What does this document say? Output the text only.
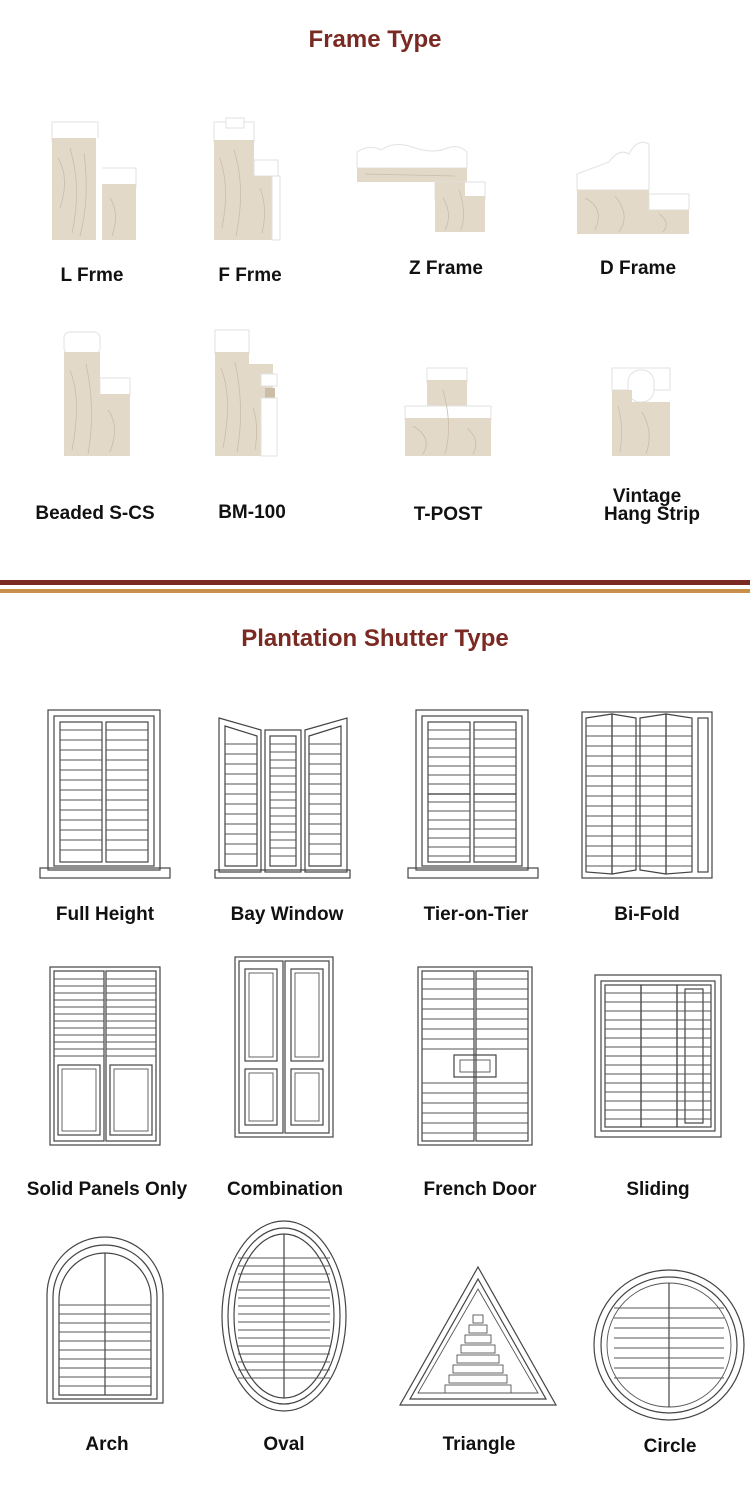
Frame Type
L Frme	F Frme	Z Frame	D Frame
Beaded S-CS	BM-100	T-POST
Vintage
Hang Strip
Plantation Shutter Type
Full Height	Bay Window	Tier-on-Tier	Bi-Fold
Solid Panels Only	Combination	French Door	Sliding
Arch	Oval	Triangle	Circle
